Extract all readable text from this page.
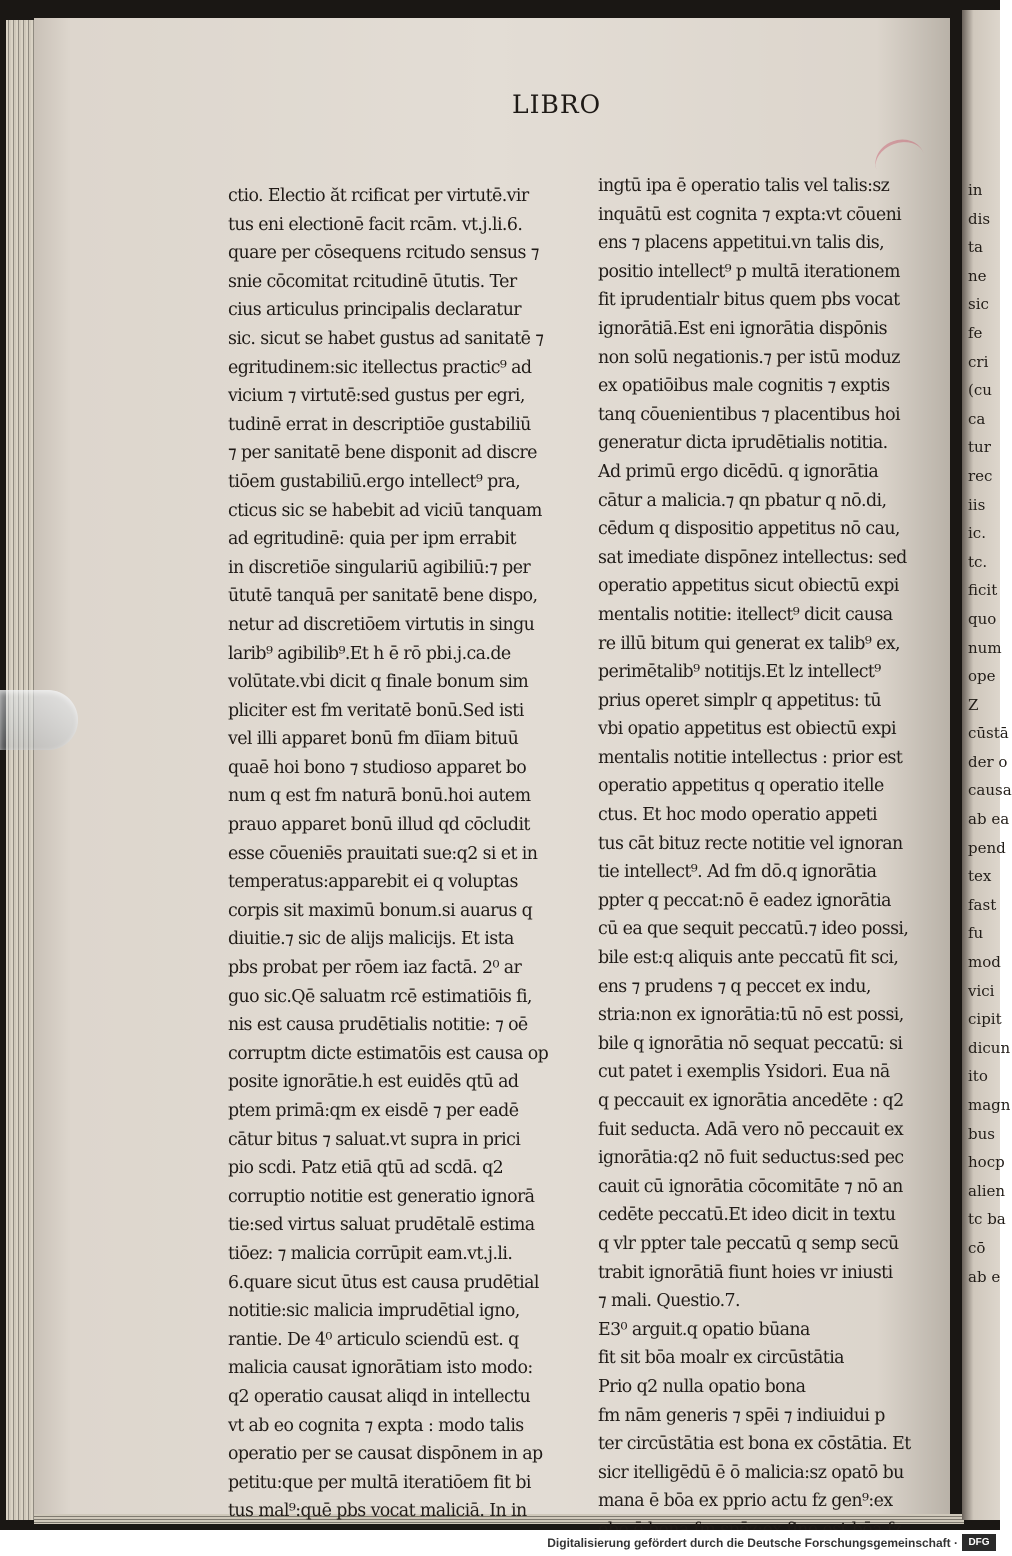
in
dis
ta
ne
sic
fe
cri
(cu
ca
tur
rec
iis
ic.
tc.
ficit
quo
num
ope
Z
cūstā
der o
causa
ab ea
pend
tex
fast
fu
mod
vici
cipit
dicun
ito
magn
bus
hocp
alien
tc ba
cō
ab e
LIBRO
ctio. Electio ăt rcificat per virtutē.vir
tus eni electionē facit rcām. vt.j.li.6.
quare per cōsequens rcitudo sensus ⁊
snie cōcomitat rcitudinē ūtutis. Ter
cius articulus principalis declaratur
sic. sicut se habet gustus ad sanitatē ⁊
egritudinem:sic itellectus practic⁹ ad
vicium ⁊ virtutē:sed gustus per egri,
tudinē errat in descriptiōe gustabiliū
⁊ per sanitatē bene disponit ad discre
tiōem gustabiliū.ergo intellect⁹ pra,
cticus sic se habebit ad viciū tanquam
ad egritudinē: quia per ipm errabit
in discretiōe singulariū agibiliū:⁊ per
ūtutē tanquā per sanitatē bene dispo,
netur ad discretiōem virtutis in singu
larib⁹ agibilib⁹.Et h ē rō pbi.j.ca.de
volūtate.vbi dicit q finale bonum sim
pliciter est fm veritatē bonū.Sed isti
vel illi apparet bonū fm dīiam bituū
quaē hoi bono ⁊ studioso apparet bo
num q est fm naturā bonū.hoi autem
prauo apparet bonū illud qd cōcludit
esse cōueniēs prauitati sue:q2 si et in
temperatus:apparebit ei q voluptas
corpis sit maximū bonum.si auarus q
diuitie.⁊ sic de alijs malicijs. Et ista
pbs probat per rōem iaz factā. 2⁰ ar
guo sic.Qē saluatm rcē estimatiōis fi,
nis est causa prudētialis notitie: ⁊ oē
corruptm dicte estimatōis est causa op
posite ignorātie.h est euidēs qtū ad
ptem primā:qm ex eisdē ⁊ per eadē
cātur bitus ⁊ saluat.vt supra in prici
pio scdi. Patz etiā qtū ad scdā. q2
corruptio notitie est generatio ignorā
tie:sed virtus saluat prudētalē estima
tiōez: ⁊ malicia corrūpit eam.vt.j.li.
6.quare sicut ūtus est causa prudētial
notitie:sic malicia imprudētial igno,
rantie. De 4⁰ articulo sciendū est. q
malicia causat ignorātiam isto modo:
q2 operatio causat aliqd in intellectu
vt ab eo cognita ⁊ expta : modo talis
operatio per se causat dispōnem in ap
petitu:que per multā iteratiōem fit bi
tus mal⁹:quē pbs vocat maliciā. In in
ingtū ipa ē operatio talis vel talis:sz
inquātū est cognita ⁊ expta:vt cōueni
ens ⁊ placens appetitui.vn talis dis,
positio intellect⁹ p multā iterationem
fit iprudentialr bitus quem pbs vocat
ignorātiā.Est eni ignorātia dispōnis
non solū negationis.⁊ per istū moduz
ex opatiōibus male cognitis ⁊ exptis
tanq cōuenientibus ⁊ placentibus hoi
generatur dicta iprudētialis notitia.
Ad primū ergo dicēdū. q ignorātia
cātur a malicia.⁊ qn pbatur q nō.di,
cēdum q dispositio appetitus nō cau,
sat imediate dispōnez intellectus: sed
operatio appetitus sicut obiectū expi
mentalis notitie: itellect⁹ dicit causa
re illū bitum qui generat ex talib⁹ ex,
perimētalib⁹ notitijs.Et lz intellect⁹
prius operet simplr q appetitus: tū
vbi opatio appetitus est obiectū expi
mentalis notitie intellectus : prior est
operatio appetitus q operatio itelle
ctus. Et hoc modo operatio appeti
tus cāt bituz recte notitie vel ignoran
tie intellect⁹. Ad fm dō.q ignorātia
ppter q peccat:nō ē eadez ignorātia
cū ea que sequit peccatū.⁊ ideo possi,
bile est:q aliquis ante peccatū fit sci,
ens ⁊ prudens ⁊ q peccet ex indu,
stria:non ex ignorātia:tū nō est possi,
bile q ignorātia nō sequat peccatū: si
cut patet i exemplis Ysidori. Eua nā
q peccauit ex ignorātia ancedēte : q2
fuit seducta. Adā vero nō peccauit ex
ignorātia:q2 nō fuit seductus:sed pec
cauit cū ignorātia cōcomitāte ⁊ nō an
cedēte peccatū.Et ideo dicit in textu
q vlr ppter tale peccatū q semp secū
trabit ignorātiā fiunt hoies vr iniusti
⁊ mali. Questio.7.
E3⁰ arguit.q opatio būana
fit sit bōa moalr ex circūstātia
Prio q2 nulla opatio bona
fm nām generis ⁊ spēi ⁊ indiuidui p
ter circūstātia est bona ex cōstātia. Et
sicr itelligēdū ē ō malicia:sz opatō bu
mana ē bōa ex pprio actu fz gen⁹:ex
Digitalisierung gefördert durch die Deutsche Forschungsgemeinschaft ·	DFG
